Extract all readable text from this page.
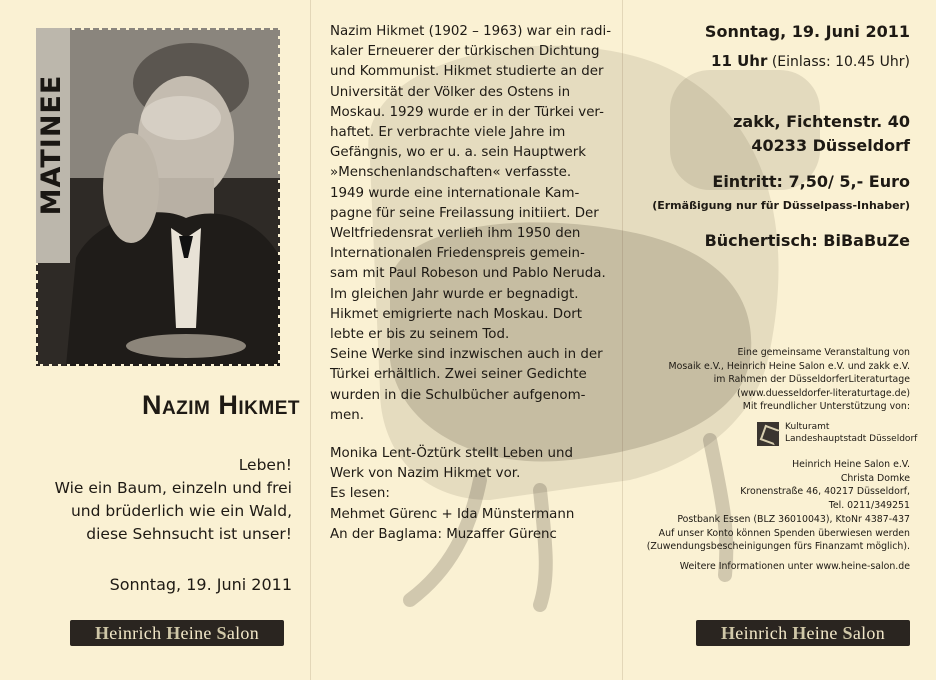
MATINEE
Nazim Hikmet
Leben!
Wie ein Baum, einzeln und frei
und brüderlich wie ein Wald,
diese Sehnsucht ist unser!
Sonntag, 19. Juni 2011
Heinrich Heine Salon

Nazim Hikmet (1902 – 1963) war ein radi-

kaler Erneuerer der türkischen Dichtung

und Kommunist. Hikmet studierte an der

Universität der Völker des Ostens in

Moskau. 1929 wurde er in der Türkei ver-

haftet. Er verbrachte viele Jahre im

Gefängnis, wo er u. a. sein Hauptwerk

»Menschenlandschaften« verfasste.

1949 wurde eine internationale Kam-

pagne für seine Freilassung initiiert. Der

Weltfriedensrat verlieh ihm 1950 den

Internationalen Friedenspreis gemein-

sam mit Paul Robeson und Pablo Neruda.

Im gleichen Jahr wurde er begnadigt.

Hikmet emigrierte nach Moskau. Dort

lebte er bis zu seinem Tod.

Seine Werke sind inzwischen auch in der

Türkei erhältlich. Zwei seiner Gedichte

wurden in die Schulbücher aufgenom-

men.

Monika Lent-Öztürk stellt Leben und
Werk von Nazim Hikmet vor.
Es lesen:
Mehmet Gürenc + Ida Münstermann
An der Baglama: Muzaffer Gürenc
Sonntag, 19. Juni 2011
11 Uhr (Einlass: 10.45 Uhr)
zakk, Fichtenstr. 40
40233 Düsseldorf
Eintritt: 7,50/ 5,- Euro
(Ermäßigung nur für Düsselpass-Inhaber)
Büchertisch: BiBaBuZe
Eine gemeinsame Veranstaltung von
Mosaik e.V., Heinrich Heine Salon e.V. und zakk e.V.
im Rahmen der DüsseldorferLiteraturtage
(www.duesseldorfer-literaturtage.de)
Mit freundlicher Unterstützung von:
Kulturamt
Landeshauptstadt Düsseldorf
Heinrich Heine Salon e.V.
Christa Domke
Kronenstraße 46, 40217 Düsseldorf,
Tel. 0211/349251
Postbank Essen (BLZ 36010043), KtoNr 4387-437
Auf unser Konto können Spenden überwiesen werden
(Zuwendungsbescheinigungen fürs Finanzamt möglich).
Weitere Informationen unter www.heine-salon.de
Heinrich Heine Salon
